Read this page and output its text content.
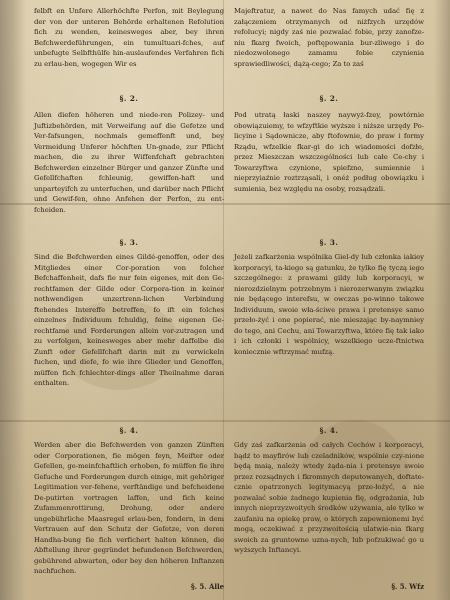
felbft en Unfere Allerhöchfte Perfon, mit Beylegung der von der unteren Behörde erhaltenen Refolution fich zu wenden, keinesweges aber, bey ihren Befchwerdeführungen, ein tumultuari-fches, auf unbefugte Selbfthülfe hin-auslaufendes Verfahren fich zu erlau-ben, wogegen Wir es

§. 2.

Allen diefen höheren und niede-ren Polizey- und Juftizbehörden, mit Verweifung auf die Gefetze und Ver-fafsungen, nochmals gemeffenft und, bey Vermeidung Unferer höchften Un-gnade, zur Pflicht machen, die zu ihrer Wiffenfchaft gebrachten Befchwerden einzelner Bürger und ganzer Zünfte und Gefellfchaften fchleunig, gewiffen-haft und unparteyifch zu unterfuchen, und darüber nach Pflicht und Gewif-fen, ohne Anfehen der Perfon, zu ent-fcheiden.

§. 3.

Sind die Befchwerden eines Gildé-genoffen, oder des Mitgliedes einer Cor-poration von folcher Befchaffenheit, dafs fie nur fein eigenes, mit den Ge-rechtfamen der Gilde oder Corpora-tion in keiner nothwendigen unzertrenn-lichen Verbindung ftehendes Intereffe betreffen, fo ift ein folches einzelnes Individuum fchuldig, feine eigenen Ge-rechtfame und Forderungen allein vor-zutragen und zu verfolgen, keinesweges aber mehr daffelbe die Zunft oder Gefellfchaft darin mit zu verwickeln fuchen, und diefe, fo wie ihre Glieder und Genoffen, müffen fich fchlechter-dings aller Theilnahme daran enthalten.

§. 4.

Werden aber die Befchwerden von ganzen Zünften oder Corporationen, fie mögen feyn, Meifter oder Gefellen, ge-meinfchaftlich erhoben, fo müffen fie ihre Gefuche und Forderungen durch einige, mit gehöriger Legitimation ver-fehene, verftändige und befcheidene De-putirten vortragen laffen, und fich keine Zufammenrottirung, Drohung, oder andere ungebührliche Maasregel erlau-ben, fondern, in dem Vertrauen auf den Schutz der Gefetze, von deren Handha-bung fie fich verfichert halten können, die Abftellung ihrer gegründet befundenen Befchwerden, gebührend abwarten, oder bey den höheren Inftanzen nachfuchen.

§. 5. Alle

Majeftratur, a nawet do Nas famych udać fię z załączeniem otrzymanych od niżfzych urzędów refolucyi; nigdy zaś nie pozwalać fobie, przy zanofze-niu fkarg fwoich, poftępowania bur-zliwego i do niedozwolonego zamamu fobie czynienia sprawiedliwości, dążą-cego; Za to zaś

§. 2.

Pod utratą łaski naszey naywyż-fzey, powtórnie obowiązuiemy, te wfzyftkie wyższe i niższe urzędy Po-licyine i Sądownicze, aby ftofownie, do praw i formy Rządu, wfzelkie fkar-gi do ich wiadomości dofzłe, przez Mieszczan wszczególności lub całe Ce-chy i Towarzyftwa czynione, spiefzno, sumiennie i nieprzyiaźnie roztrząsali, i onéż podług obowiązku i sumienia, bez względu na osoby, rozsądzali.

§. 3.

Jeżeli zafkarżenia wspólnika Giel-dy lub członka iakiey korporacyi, ta-kiego są gatunku, że tylko fię tyczą iego szczególnego: z prawami gildy lub korporacyi, w nierozdzielnym potrzebnym i nierozerwanym związku nie będącego interefsu, w owczas po-winno takowe Individuum, swoie wła-ściwe prawa i pretensye samo przeło-żyć i one popierać, nie mieszając by-naymniey do tego, ani Cechu, ani Towarzyftwa, które fię tak iako i ich członki i wspólnicy, wszelkiego ucze-ftnictwa koniecznie wftrzymać mufzą.

§. 4.

Gdy zaś zafkarżenia od całych Cechów i korporacyi, bądź to mayfirów lub czeladników, wspólnie czy-nione będą maią, należy wtedy żąda-nia i pretensye swoie przez rozsądnych i fkromnych deputowanych, doftate-cznie opatrzonych legitymacyą prze-łożyć, a nie pozwalać sobie żadnego kupienia fię, odgrażania, lub innych nieprzyzwoitych środków używania, ale tylko w zaufaniu na opiekę praw, o których zapewnionemi być mogą, oczekiwać z przyzwoitością ulatwie-nia fkarg swoich za gruntowne uzna-nych, lub pofzukiwać go u wyższych Inftancyi.

§. 5. Wfz
